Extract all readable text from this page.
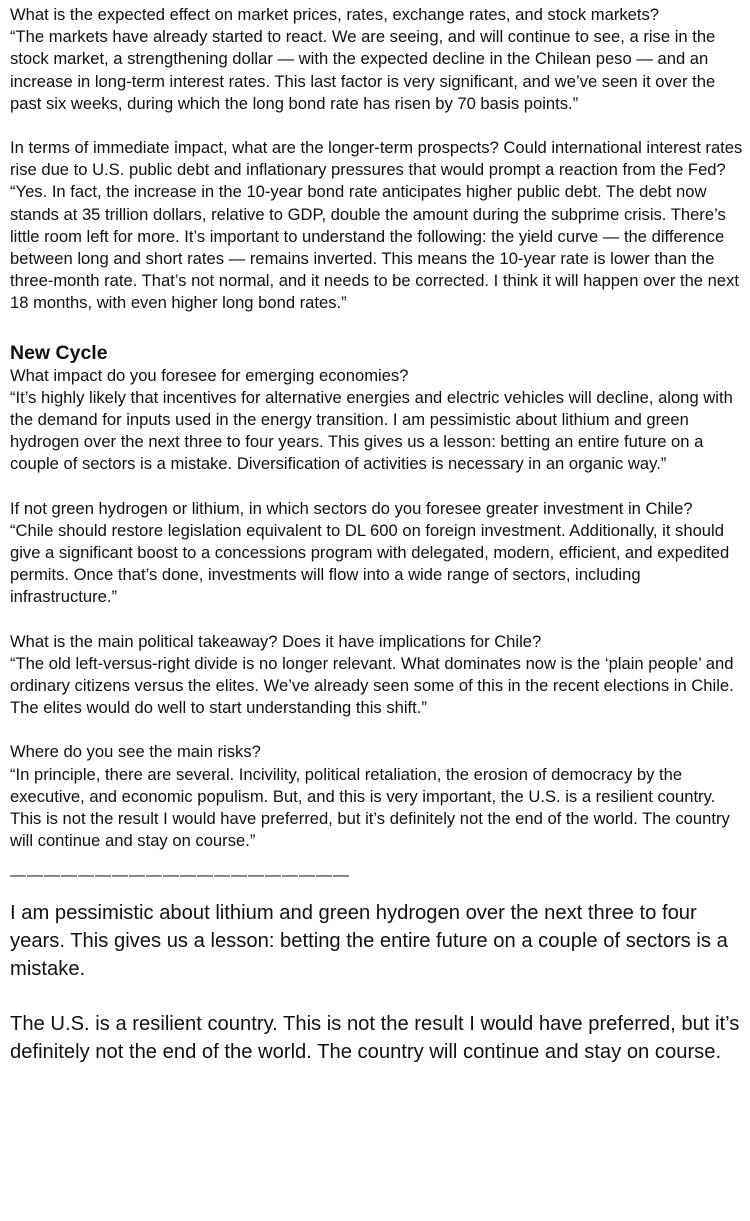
What is the expected effect on market prices, rates, exchange rates, and stock markets?
“The markets have already started to react. We are seeing, and will continue to see, a rise in the stock market, a strengthening dollar — with the expected decline in the Chilean peso — and an increase in long-term interest rates. This last factor is very significant, and we’ve seen it over the past six weeks, during which the long bond rate has risen by 70 basis points.”
In terms of immediate impact, what are the longer-term prospects? Could international interest rates rise due to U.S. public debt and inflationary pressures that would prompt a reaction from the Fed?
“Yes. In fact, the increase in the 10-year bond rate anticipates higher public debt. The debt now stands at 35 trillion dollars, relative to GDP, double the amount during the subprime crisis. There’s little room left for more. It’s important to understand the following: the yield curve — the difference between long and short rates — remains inverted. This means the 10-year rate is lower than the three-month rate. That’s not normal, and it needs to be corrected. I think it will happen over the next 18 months, with even higher long bond rates.”
New Cycle
What impact do you foresee for emerging economies?
“It’s highly likely that incentives for alternative energies and electric vehicles will decline, along with the demand for inputs used in the energy transition. I am pessimistic about lithium and green hydrogen over the next three to four years. This gives us a lesson: betting an entire future on a couple of sectors is a mistake. Diversification of activities is necessary in an organic way.”
If not green hydrogen or lithium, in which sectors do you foresee greater investment in Chile?
“Chile should restore legislation equivalent to DL 600 on foreign investment. Additionally, it should give a significant boost to a concessions program with delegated, modern, efficient, and expedited permits. Once that’s done, investments will flow into a wide range of sectors, including infrastructure.”
What is the main political takeaway? Does it have implications for Chile?
“The old left-versus-right divide is no longer relevant. What dominates now is the ‘plain people’ and ordinary citizens versus the elites. We’ve already seen some of this in the recent elections in Chile. The elites would do well to start understanding this shift.”
Where do you see the main risks?
“In principle, there are several. Incivility, political retaliation, the erosion of democracy by the executive, and economic populism. But, and this is very important, the U.S. is a resilient country. This is not the result I would have preferred, but it’s definitely not the end of the world. The country will continue and stay on course.”
————————————————————
I am pessimistic about lithium and green hydrogen over the next three to four years. This gives us a lesson: betting the entire future on a couple of sectors is a mistake.
The U.S. is a resilient country. This is not the result I would have preferred, but it’s definitely not the end of the world. The country will continue and stay on course.
